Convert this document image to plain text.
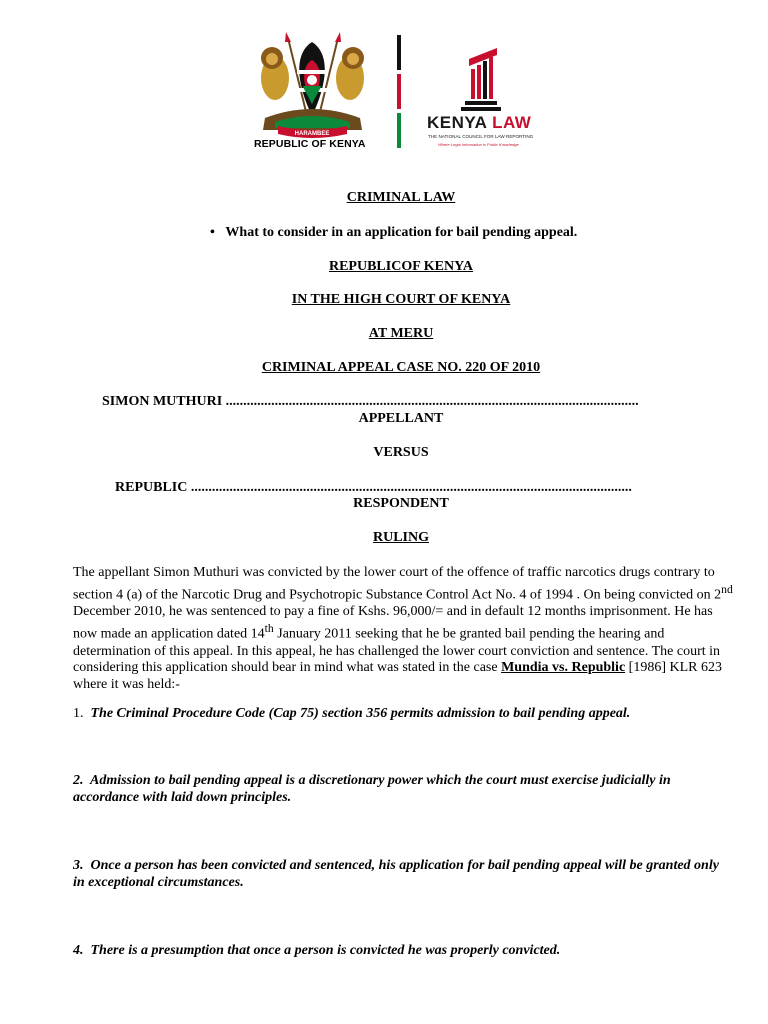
HARAMBEE
REPUBLIC OF KENYA
KENYA LAW
THE NATIONAL COUNCIL FOR LAW REPORTING
Where Legal Information is Public Knowledge
CRIMINAL LAW
• What to consider in an application for bail pending appeal.
REPUBLICOF KENYA
IN THE HIGH COURT OF KENYA
AT MERU
CRIMINAL APPEAL CASE NO. 220 OF 2010
SIMON MUTHURI ......................................................................................................................
APPELLANT
VERSUS
REPUBLIC ..............................................................................................................................
RESPONDENT
RULING
The appellant Simon Muthuri was convicted by the lower court of the offence of traffic narcotics drugs contrary to section 4 (a) of the Narcotic Drug and Psychotropic Substance Control Act No. 4 of 1994 . On being convicted on 2nd December 2010, he was sentenced to pay a fine of Kshs. 96,000/= and in default 12 months imprisonment. He has now made an application dated 14th January 2011 seeking that he be granted bail pending the hearing and determination of this appeal. In this appeal, he has challenged the lower court conviction and sentence. The court in considering this application should bear in mind what was stated in the case Mundia vs. Republic [1986] KLR 623 where it was held:-
1. The Criminal Procedure Code (Cap 75) section 356 permits admission to bail pending appeal.
2. Admission to bail pending appeal is a discretionary power which the court must exercise judicially in accordance with laid down principles.
3. Once a person has been convicted and sentenced, his application for bail pending appeal will be granted only in exceptional circumstances.
4. There is a presumption that once a person is convicted he was properly convicted.
